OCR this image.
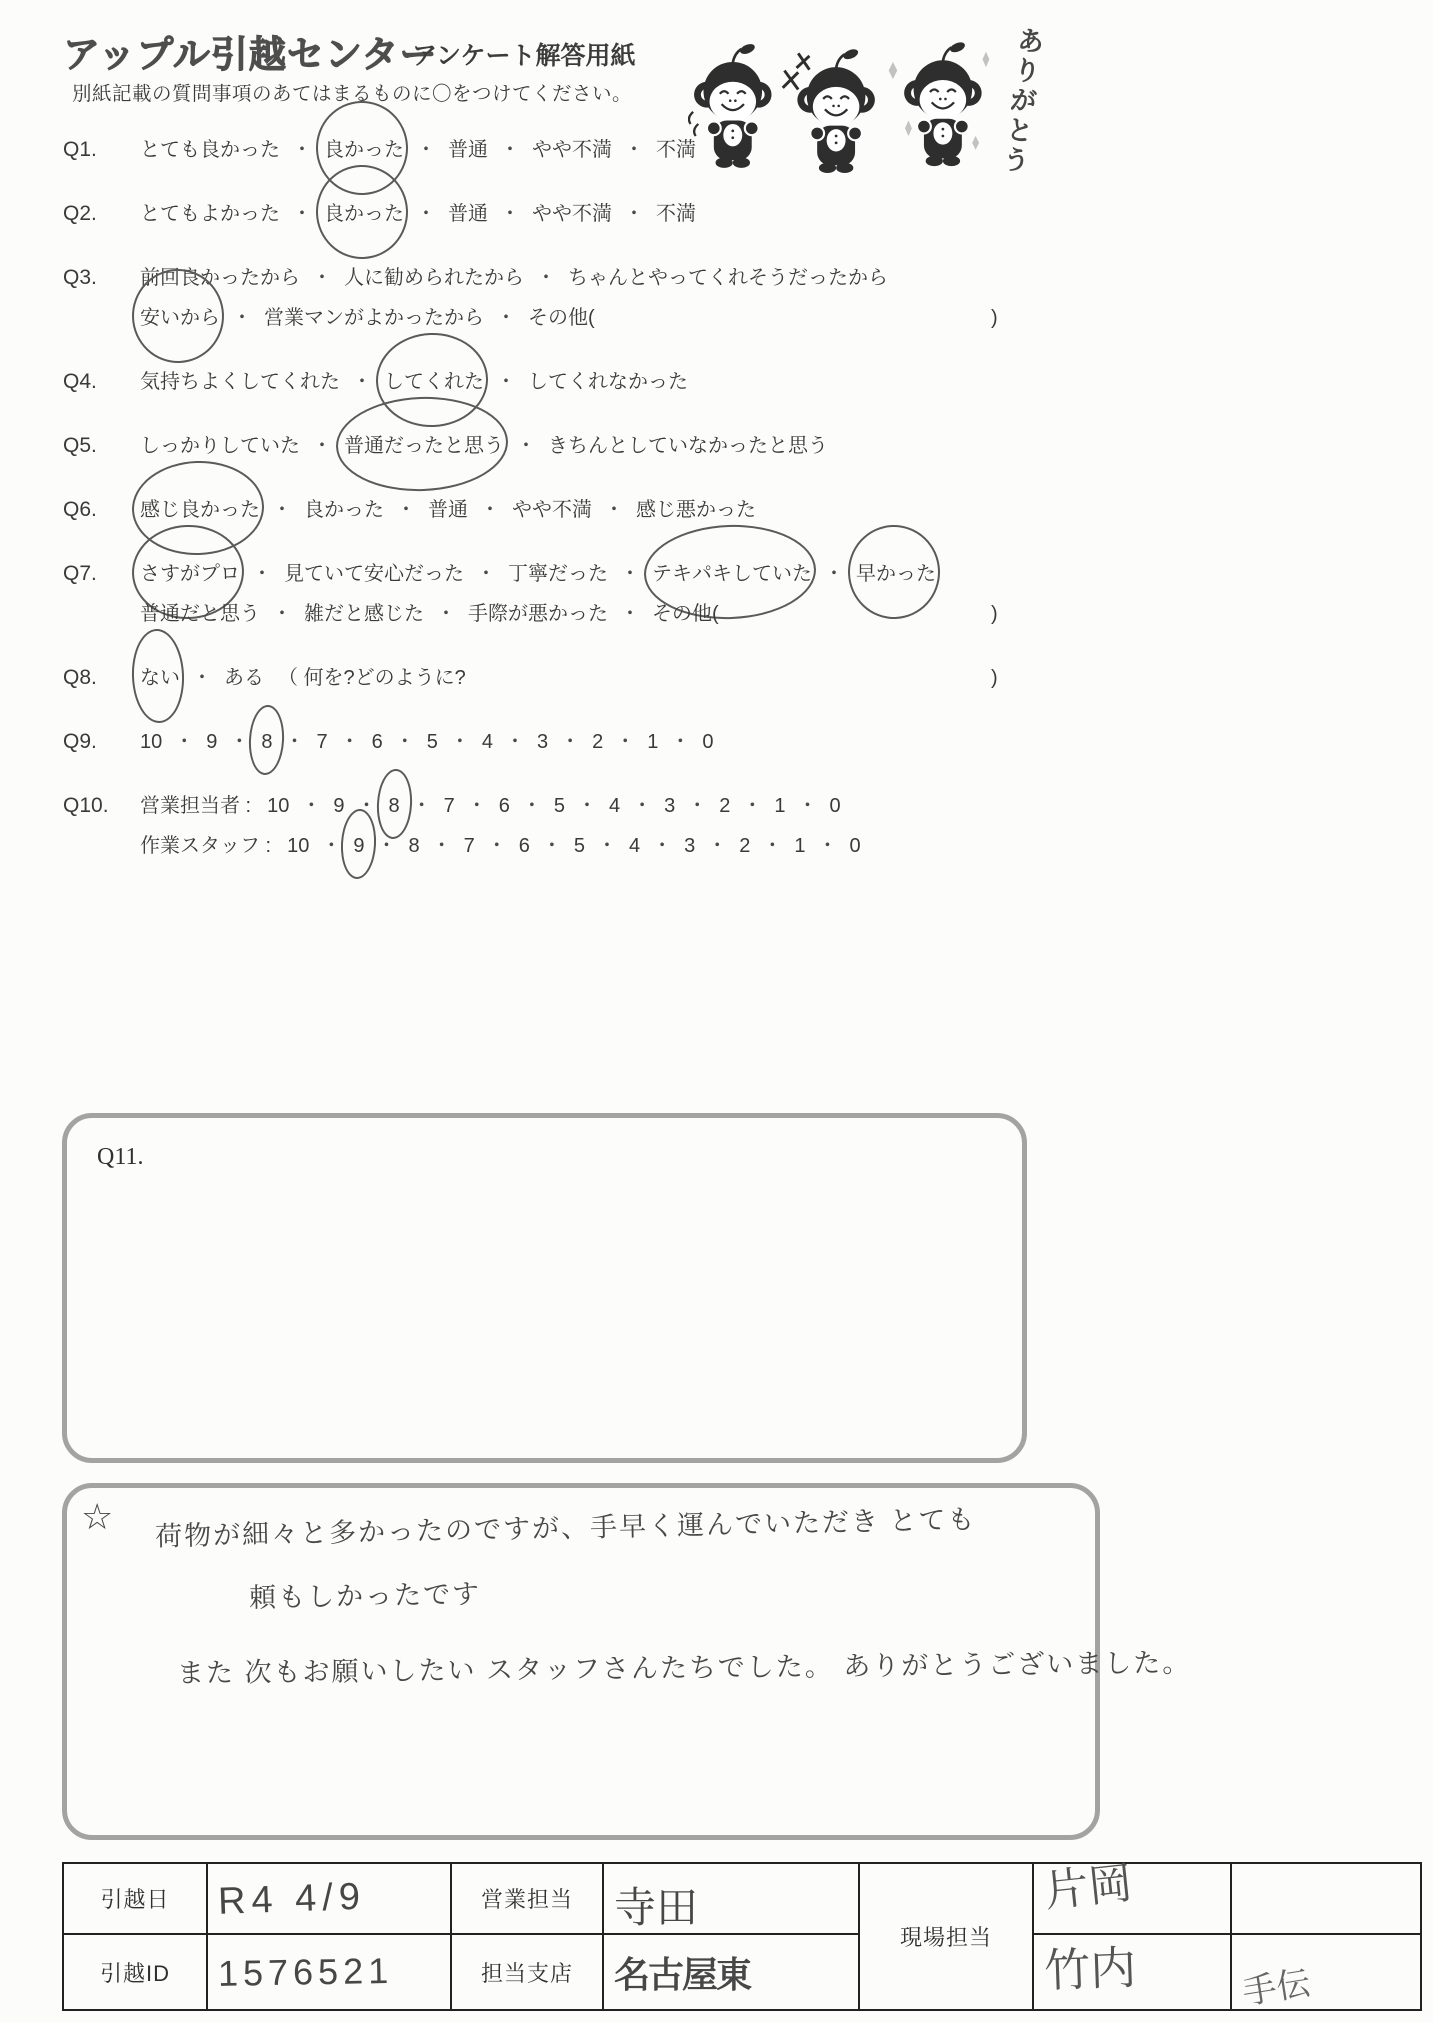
アップル引越センター
アンケート解答用紙
別紙記載の質問事項のあてはまるものに〇をつけてください。	ありがとう
Q1. とても良かった ・ 良かった ・ 普通 ・ やや不満 ・ 不満
Q2. とてもよかった ・ 良かった ・ 普通 ・ やや不満 ・ 不満
Q3. 前回良かったから ・ 人に勧められたから ・ ちゃんとやってくれそうだったから
安いから ・ 営業マンがよかったから ・ その他(	)
Q4. 気持ちよくしてくれた ・ してくれた ・ してくれなかった
Q5. しっかりしていた ・ 普通だったと思う ・ きちんとしていなかったと思う
Q6. 感じ良かった ・ 良かった ・ 普通 ・ やや不満 ・ 感じ悪かった
Q7. さすがプロ ・ 見ていて安心だった ・ 丁寧だった ・ テキパキしていた ・ 早かった
普通だと思う ・ 雑だと感じた ・ 手際が悪かった ・ その他(	)
Q8. ない ・ ある （ 何を?どのように?	)
Q9. 10 ・ 9 ・ 8 ・ 7 ・ 6 ・ 5 ・ 4 ・ 3 ・ 2 ・ 1 ・ 0
Q10. 営業担当者 : 10 ・ 9 ・ 8 ・ 7 ・ 6 ・ 5 ・ 4 ・ 3 ・ 2 ・ 1 ・ 0
作業スタッフ : 10 ・ 9 ・ 8 ・ 7 ・ 6 ・ 5 ・ 4 ・ 3 ・ 2 ・ 1 ・ 0
Q11.
☆ 荷物が細々と多かったのですが、手早く運んでいただき とても
頼もしかったです
また 次もお願いしたい スタッフさんたちでした。 ありがとうございました。
引越日	R4 4/9	営業担当	寺田	現場担当	片岡	
引越ID	1576521	担当支店	名古屋東		竹内	手伝
